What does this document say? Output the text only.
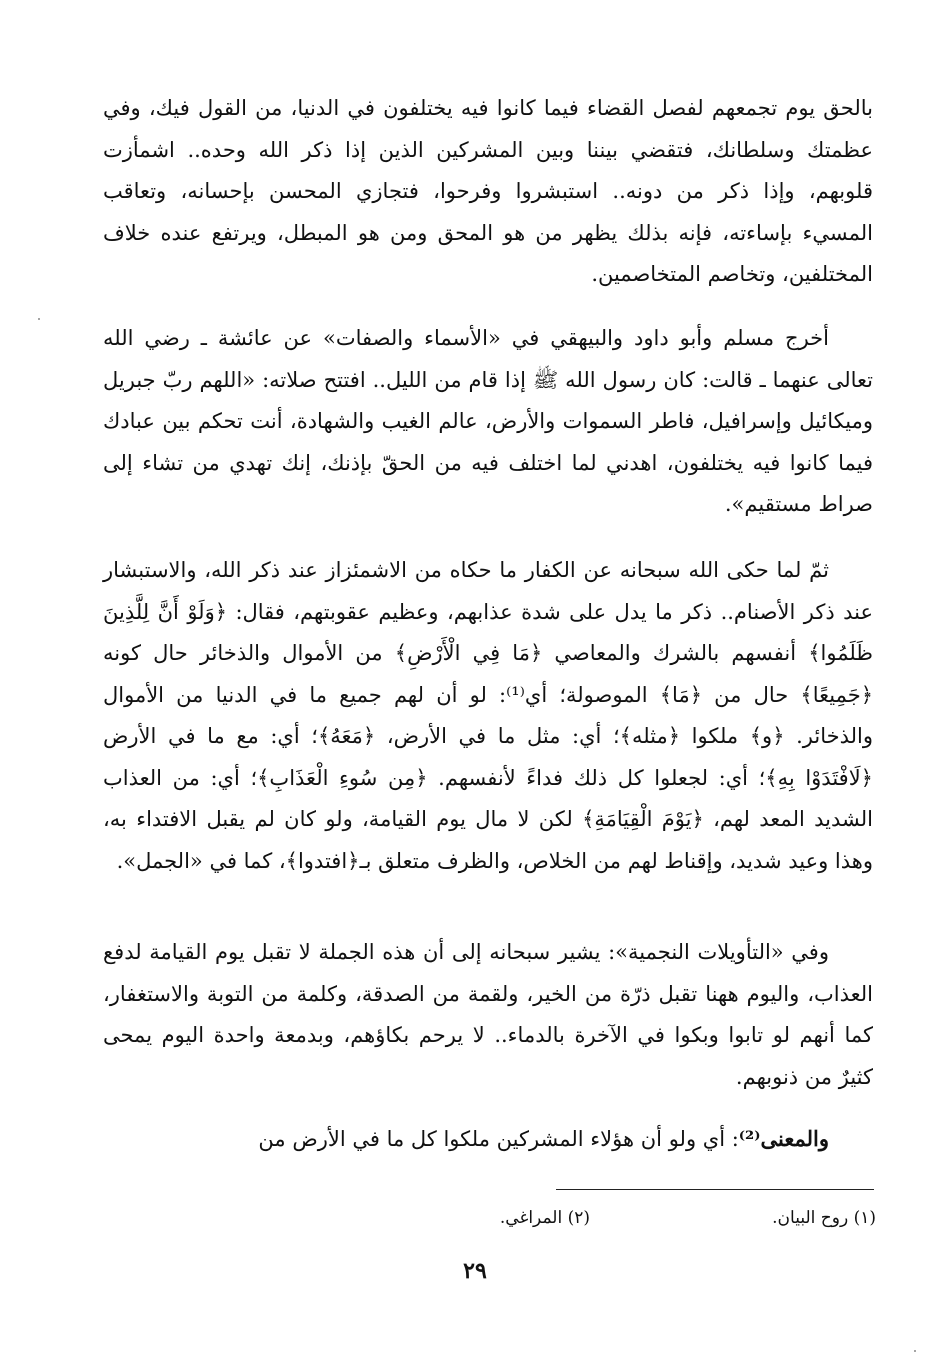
بالحق يوم تجمعهم لفصل القضاء فيما كانوا فيه يختلفون في الدنيا، من القول فيك، وفي عظمتك وسلطانك، فتقضي بيننا وبين المشركين الذين إذا ذكر الله وحده.. اشمأزت قلوبهم، وإذا ذكر من دونه.. استبشروا وفرحوا، فتجازي المحسن بإحسانه، وتعاقب المسيء بإساءته، فإنه بذلك يظهر من هو المحق ومن هو المبطل، ويرتفع عنده خلاف المختلفين، وتخاصم المتخاصمين.

أخرج مسلم وأبو داود والبيهقي في «الأسماء والصفات» عن عائشة ـ رضي الله تعالى عنهما ـ قالت: كان رسول الله ﷺ إذا قام من الليل.. افتتح صلاته: «اللهم ربّ جبريل وميكائيل وإسرافيل، فاطر السموات والأرض، عالم الغيب والشهادة، أنت تحكم بين عبادك فيما كانوا فيه يختلفون، اهدني لما اختلف فيه من الحقّ بإذنك، إنك تهدي من تشاء إلى صراط مستقيم».

ثمّ لما حكى الله سبحانه عن الكفار ما حكاه من الاشمئزاز عند ذكر الله، والاستبشار عند ذكر الأصنام.. ذكر ما يدل على شدة عذابهم، وعظيم عقوبتهم، فقال: ﴿وَلَوْ أَنَّ لِلَّذِينَ ظَلَمُوا﴾ أنفسهم بالشرك والمعاصي ﴿مَا فِي الْأَرْضِ﴾ من الأموال والذخائر حال كونه ﴿جَمِيعًا﴾ حال من ﴿مَا﴾ الموصولة؛ أي⁽¹⁾: لو أن لهم جميع ما في الدنيا من الأموال والذخائر. ﴿و﴾ ملكوا ﴿مثله﴾؛ أي: مثل ما في الأرض، ﴿مَعَهُ﴾؛ أي: مع ما في الأرض ﴿لَافْتَدَوْا بِهِ﴾؛ أي: لجعلوا كل ذلك فداءً لأنفسهم. ﴿مِن سُوءِ الْعَذَابِ﴾؛ أي: من العذاب الشديد المعد لهم، ﴿يَوْمَ الْقِيَامَةِ﴾ لكن لا مال يوم القيامة، ولو كان لم يقبل الافتداء به، وهذا وعيد شديد، وإقناط لهم من الخلاص، والظرف متعلق بـ﴿افتدوا﴾، كما في «الجمل».

وفي «التأويلات النجمية»: يشير سبحانه إلى أن هذه الجملة لا تقبل يوم القيامة لدفع العذاب، واليوم ههنا تقبل ذرّة من الخير، ولقمة من الصدقة، وكلمة من التوبة والاستغفار، كما أنهم لو تابوا وبكوا في الآخرة بالدماء.. لا يرحم بكاؤهم، وبدمعة واحدة اليوم يمحى كثيرٌ من ذنوبهم.

والمعنى⁽²⁾: أي ولو أن هؤلاء المشركين ملكوا كل ما في الأرض من

(١) روح البيان.
(٢) المراغي.
٢٩
